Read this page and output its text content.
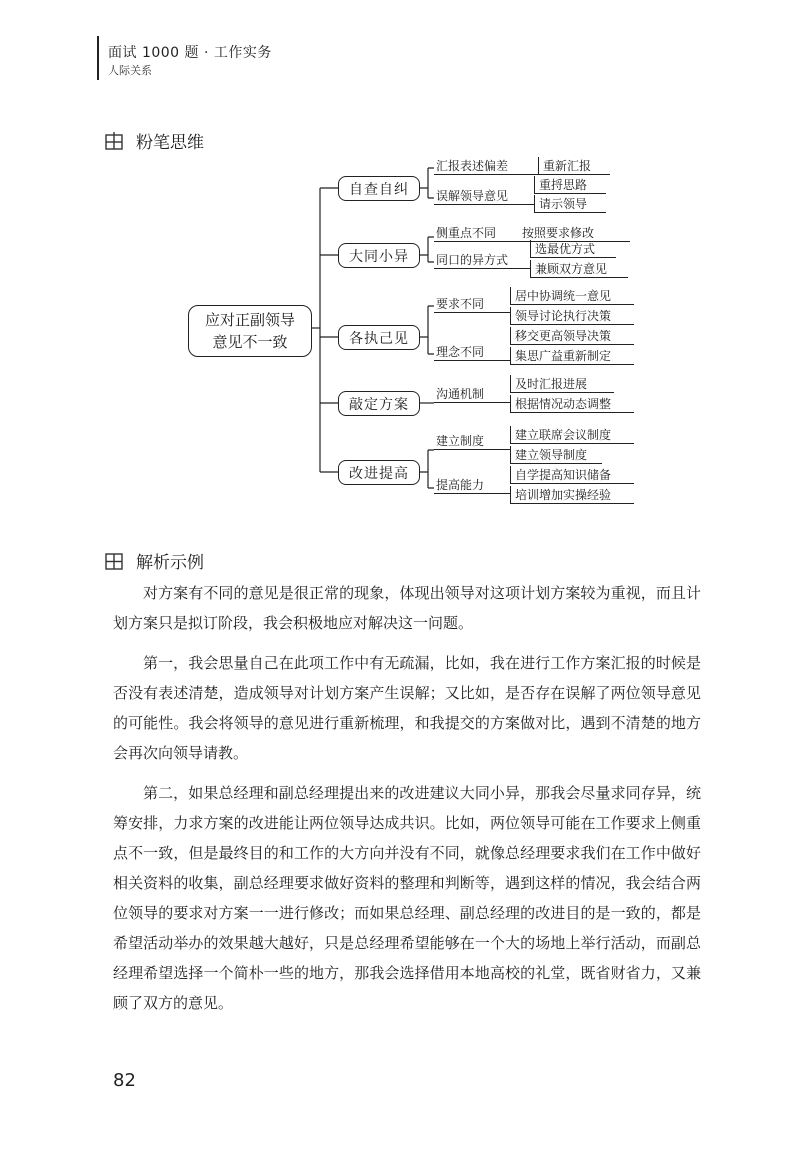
面试 1000 题 · 工作实务
人际关系
粉笔思维
应对正副领导
意见不一致
自查自纠
大同小异
各执己见
敲定方案
改进提高
汇报表述偏差	重新汇报
误解领导意见
重捋思路
请示领导
侧重点不同	按照要求修改
同口的异方式
选最优方式
兼顾双方意见
要求不同
居中协调统一意见
领导讨论执行决策
理念不同
移交更高领导决策
集思广益重新制定
沟通机制
及时汇报进展
根据情况动态调整
建立制度	建立联席会议制度
建立领导制度
提高能力
自学提高知识储备
培训增加实操经验
解析示例

对方案有不同的意见是很正常的现象，体现出领导对这项计划方案较为重视，而且计划方案只是拟订阶段，我会积极地应对解决这一问题。

第一，我会思量自己在此项工作中有无疏漏，比如，我在进行工作方案汇报的时候是否没有表述清楚，造成领导对计划方案产生误解；又比如，是否存在误解了两位领导意见的可能性。我会将领导的意见进行重新梳理，和我提交的方案做对比，遇到不清楚的地方会再次向领导请教。

第二，如果总经理和副总经理提出来的改进建议大同小异，那我会尽量求同存异，统筹安排，力求方案的改进能让两位领导达成共识。比如，两位领导可能在工作要求上侧重点不一致，但是最终目的和工作的大方向并没有不同，就像总经理要求我们在工作中做好相关资料的收集，副总经理要求做好资料的整理和判断等，遇到这样的情况，我会结合两位领导的要求对方案一一进行修改；而如果总经理、副总经理的改进目的是一致的，都是希望活动举办的效果越大越好，只是总经理希望能够在一个大的场地上举行活动，而副总经理希望选择一个简朴一些的地方，那我会选择借用本地高校的礼堂，既省财省力，又兼顾了双方的意见。

82
